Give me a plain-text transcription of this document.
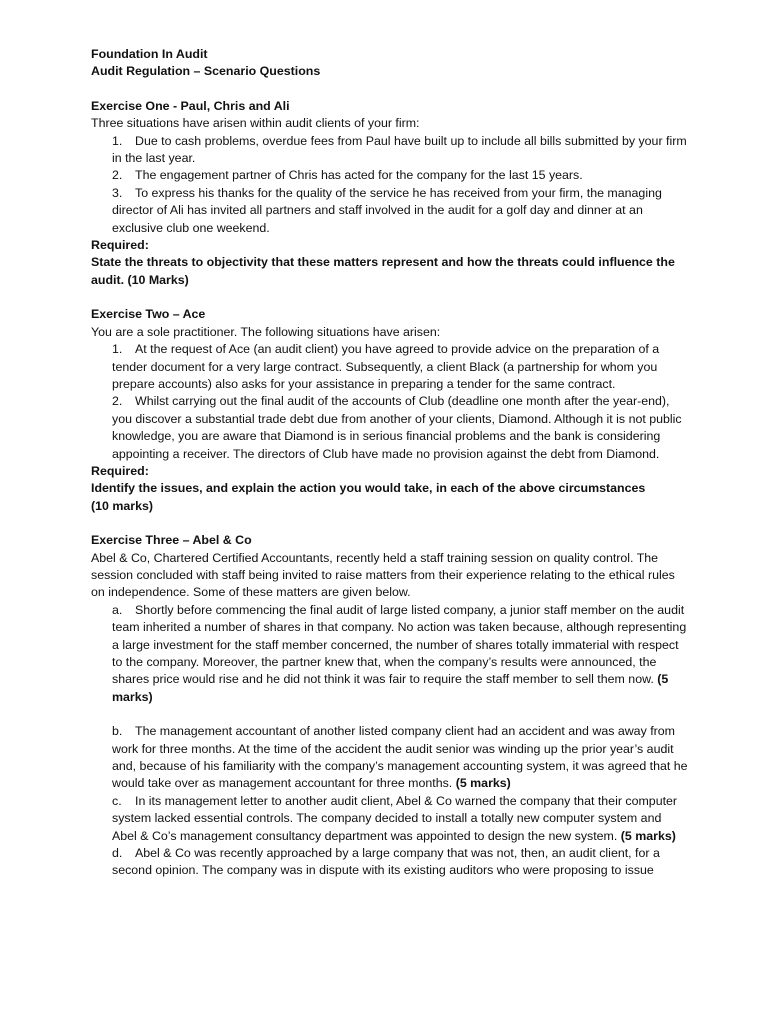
Foundation In Audit
Audit Regulation – Scenario Questions
Exercise One - Paul, Chris and Ali
Three situations have arisen within audit clients of your firm:
1. Due to cash problems, overdue fees from Paul have built up to include all bills submitted by your firm in the last year.
2. The engagement partner of Chris has acted for the company for the last 15 years.
3. To express his thanks for the quality of the service he has received from your firm, the managing director of Ali has invited all partners and staff involved in the audit for a golf day and dinner at an exclusive club one weekend.
Required:
State the threats to objectivity that these matters represent and how the threats could influence the audit. (10 Marks)
Exercise Two – Ace
You are a sole practitioner. The following situations have arisen:
1. At the request of Ace (an audit client) you have agreed to provide advice on the preparation of a tender document for a very large contract. Subsequently, a client Black (a partnership for whom you prepare accounts) also asks for your assistance in preparing a tender for the same contract.
2. Whilst carrying out the final audit of the accounts of Club (deadline one month after the year-end), you discover a substantial trade debt due from another of your clients, Diamond. Although it is not public knowledge, you are aware that Diamond is in serious financial problems and the bank is considering appointing a receiver. The directors of Club have made no provision against the debt from Diamond.
Required:
Identify the issues, and explain the action you would take, in each of the above circumstances
(10 marks)
Exercise Three – Abel & Co
Abel & Co, Chartered Certified Accountants, recently held a staff training session on quality control. The session concluded with staff being invited to raise matters from their experience relating to the ethical rules on independence. Some of these matters are given below.
a. Shortly before commencing the final audit of large listed company, a junior staff member on the audit team inherited a number of shares in that company. No action was taken because, although representing a large investment for the staff member concerned, the number of shares totally immaterial with respect to the company. Moreover, the partner knew that, when the company’s results were announced, the shares price would rise and he did not think it was fair to require the staff member to sell them now. (5 marks)
b. The management accountant of another listed company client had an accident and was away from work for three months. At the time of the accident the audit senior was winding up the prior year’s audit and, because of his familiarity with the company’s management accounting system, it was agreed that he would take over as management accountant for three months. (5 marks)
c. In its management letter to another audit client, Abel & Co warned the company that their computer system lacked essential controls. The company decided to install a totally new computer system and Abel & Co’s management consultancy department was appointed to design the new system. (5 marks)
d. Abel & Co was recently approached by a large company that was not, then, an audit client, for a second opinion. The company was in dispute with its existing auditors who were proposing to issue
